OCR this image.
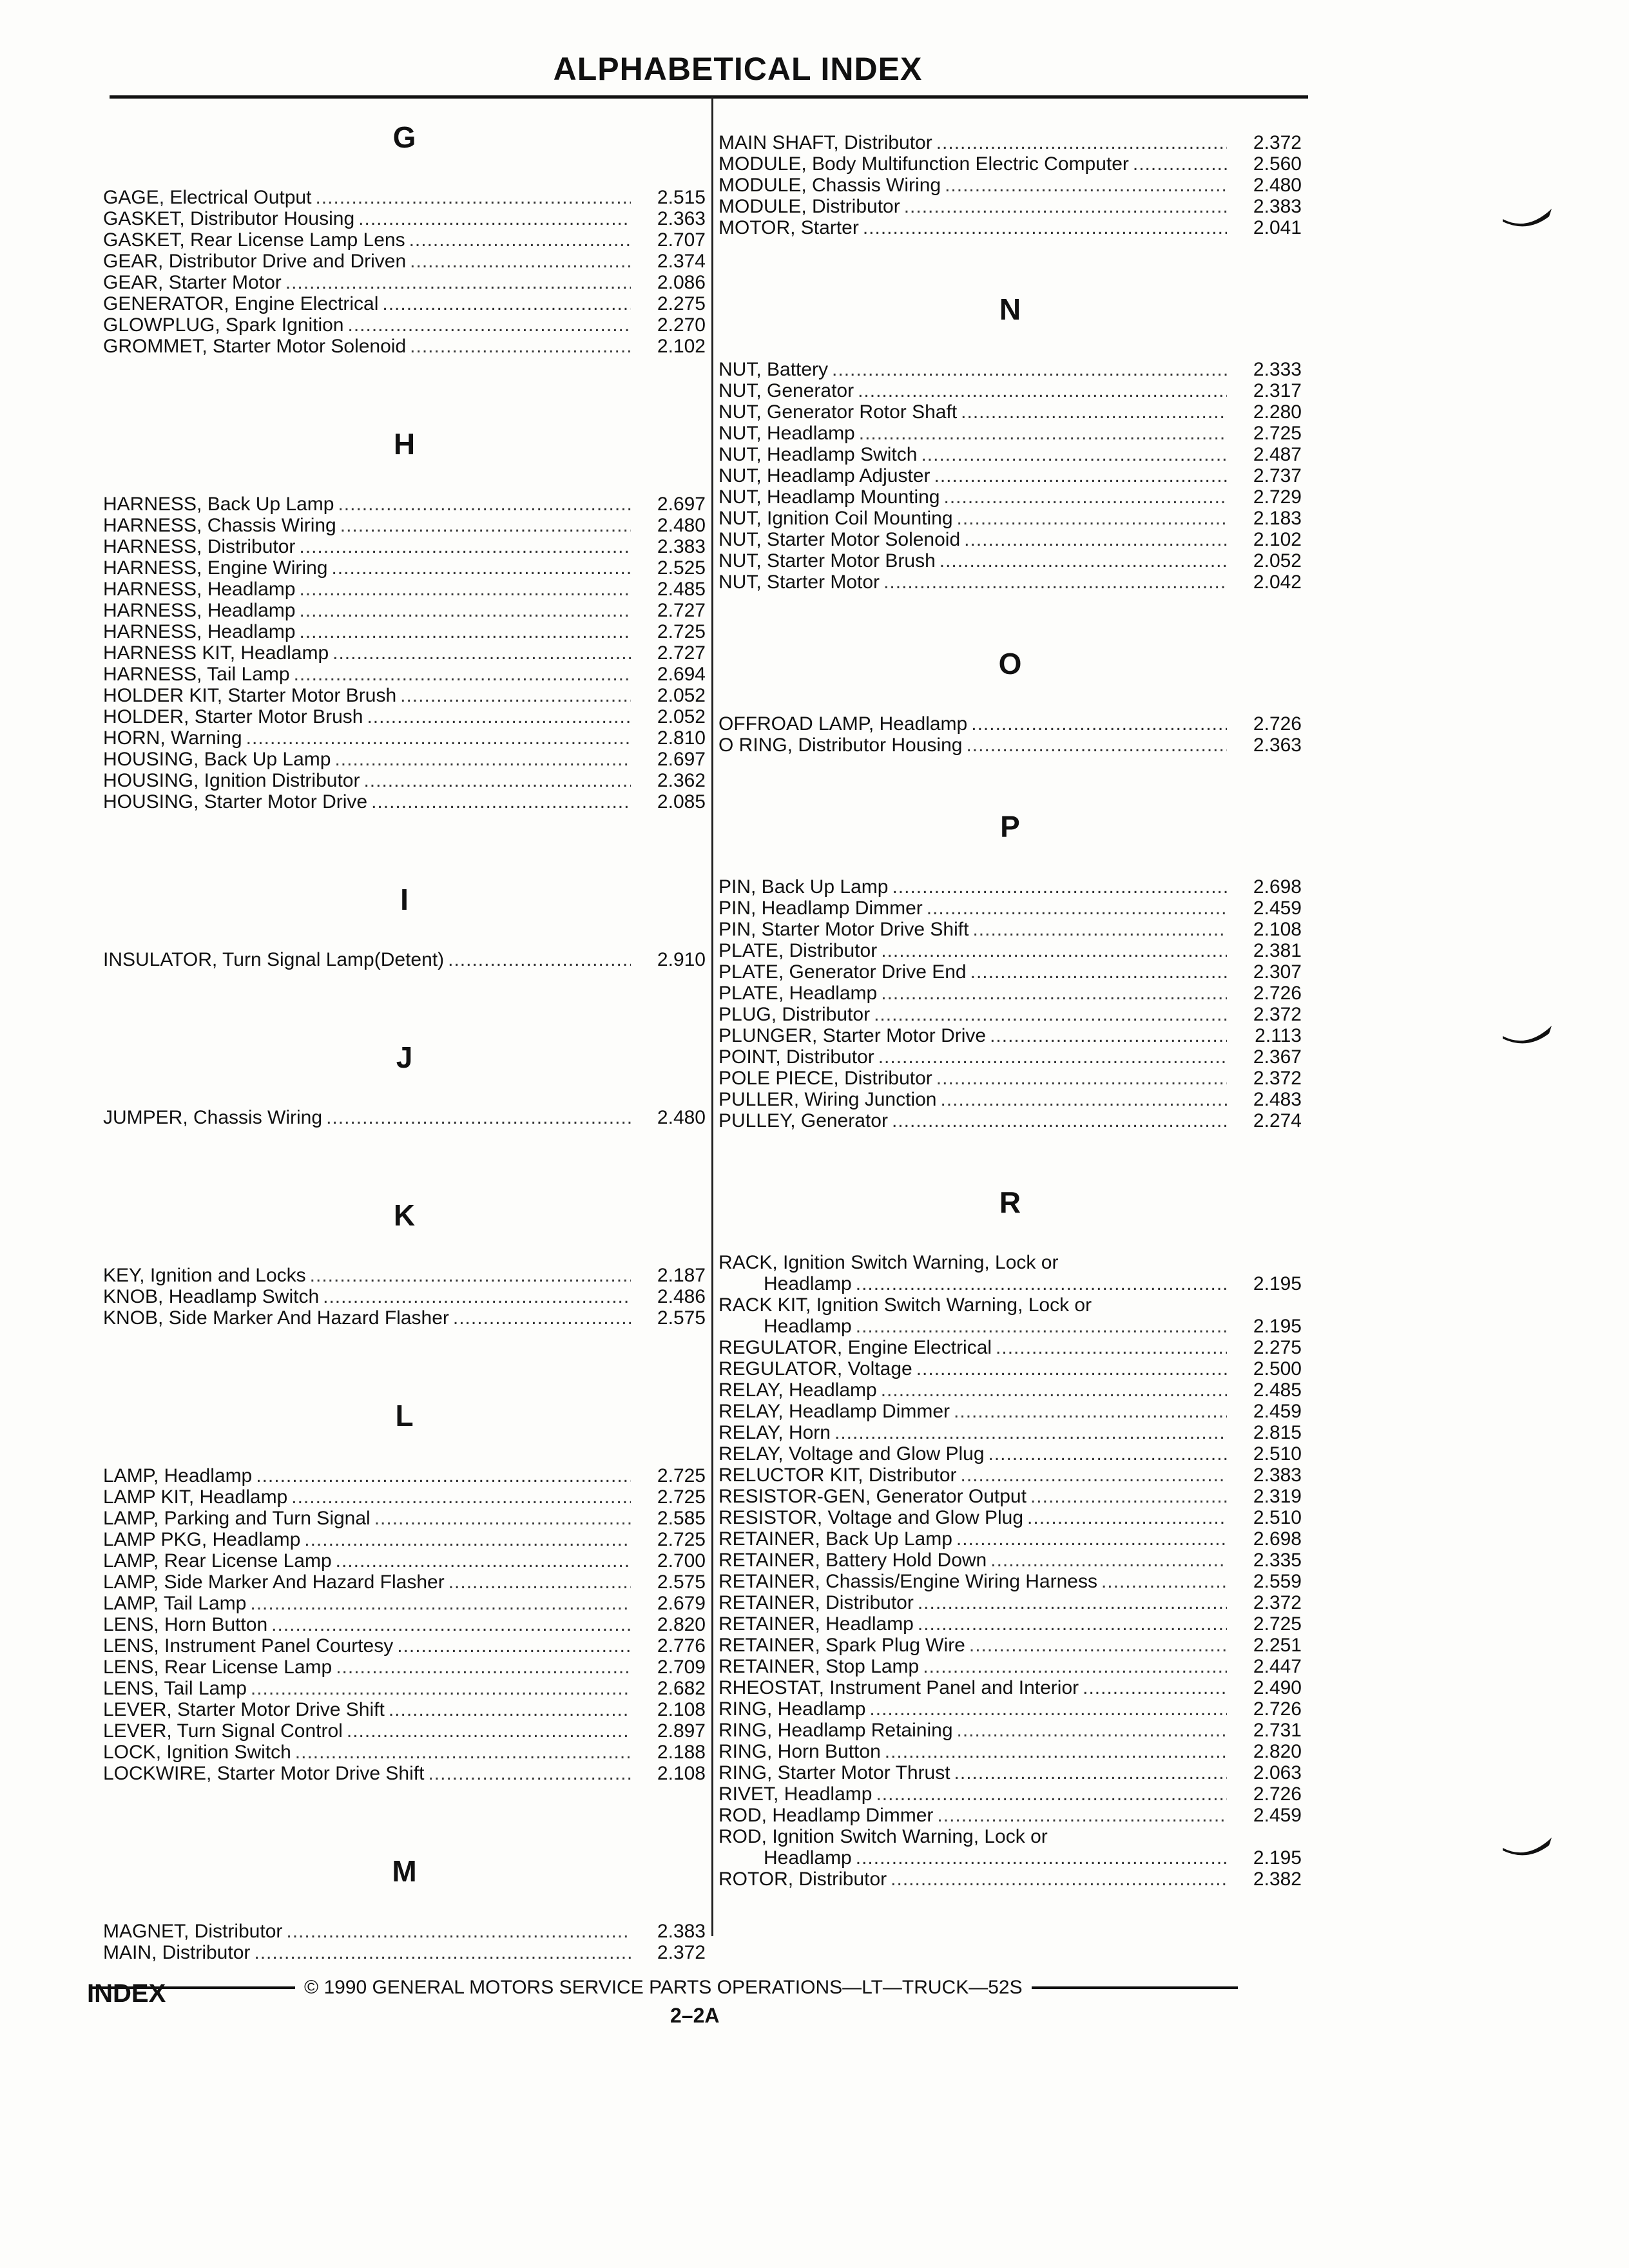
ALPHABETICAL INDEX
G
GAGE, Electrical Output .....	2.515
GASKET, Distributor Housing .....	2.363
GASKET, Rear License Lamp Lens .....	2.707
GEAR, Distributor Drive and Driven .....	2.374
GEAR, Starter Motor .....	2.086
GENERATOR, Engine Electrical .....	2.275
GLOWPLUG, Spark Ignition .....	2.270
GROMMET, Starter Motor Solenoid .....	2.102
H
HARNESS, Back Up Lamp .....	2.697
HARNESS, Chassis Wiring .....	2.480
HARNESS, Distributor .....	2.383
HARNESS, Engine Wiring .....	2.525
HARNESS, Headlamp .....	2.485
HARNESS, Headlamp .....	2.727
HARNESS, Headlamp .....	2.725
HARNESS KIT, Headlamp .....	2.727
HARNESS, Tail Lamp .....	2.694
HOLDER KIT, Starter Motor Brush .....	2.052
HOLDER, Starter Motor Brush .....	2.052
HORN, Warning .....	2.810
HOUSING, Back Up Lamp .....	2.697
HOUSING, Ignition Distributor .....	2.362
HOUSING, Starter Motor Drive .....	2.085
I
INSULATOR, Turn Signal Lamp(Detent) .....	2.910
J
JUMPER, Chassis Wiring .....	2.480
K
KEY, Ignition and Locks .....	2.187
KNOB, Headlamp Switch .....	2.486
KNOB, Side Marker And Hazard Flasher .....	2.575
L
LAMP, Headlamp .....	2.725
LAMP KIT, Headlamp .....	2.725
LAMP, Parking and Turn Signal .....	2.585
LAMP PKG, Headlamp .....	2.725
LAMP, Rear License Lamp .....	2.700
LAMP, Side Marker And Hazard Flasher .....	2.575
LAMP, Tail Lamp .....	2.679
LENS, Horn Button .....	2.820
LENS, Instrument Panel Courtesy .....	2.776
LENS, Rear License Lamp .....	2.709
LENS, Tail Lamp .....	2.682
LEVER, Starter Motor Drive Shift .....	2.108
LEVER, Turn Signal Control .....	2.897
LOCK, Ignition Switch .....	2.188
LOCKWIRE, Starter Motor Drive Shift .....	2.108
M
MAGNET, Distributor .....	2.383
MAIN, Distributor .....	2.372
MAIN SHAFT, Distributor .....	2.372
MODULE, Body Multifunction Electric Computer .....	2.560
MODULE, Chassis Wiring .....	2.480
MODULE, Distributor .....	2.383
MOTOR, Starter .....	2.041
N
NUT, Battery .....	2.333
NUT, Generator .....	2.317
NUT, Generator Rotor Shaft .....	2.280
NUT, Headlamp .....	2.725
NUT, Headlamp Switch .....	2.487
NUT, Headlamp Adjuster .....	2.737
NUT, Headlamp Mounting .....	2.729
NUT, Ignition Coil Mounting .....	2.183
NUT, Starter Motor Solenoid .....	2.102
NUT, Starter Motor Brush .....	2.052
NUT, Starter Motor .....	2.042
O
OFFROAD LAMP, Headlamp .....	2.726
O RING, Distributor Housing .....	2.363
P
PIN, Back Up Lamp .....	2.698
PIN, Headlamp Dimmer .....	2.459
PIN, Starter Motor Drive Shift .....	2.108
PLATE, Distributor .....	2.381
PLATE, Generator Drive End .....	2.307
PLATE, Headlamp .....	2.726
PLUG, Distributor .....	2.372
PLUNGER, Starter Motor Drive .....	2.113
POINT, Distributor .....	2.367
POLE PIECE, Distributor .....	2.372
PULLER, Wiring Junction .....	2.483
PULLEY, Generator .....	2.274
R
RACK, Ignition Switch Warning, Lock or
Headlamp .....	2.195
RACK KIT, Ignition Switch Warning, Lock or
Headlamp .....	2.195
REGULATOR, Engine Electrical .....	2.275
REGULATOR, Voltage .....	2.500
RELAY, Headlamp .....	2.485
RELAY, Headlamp Dimmer .....	2.459
RELAY, Horn .....	2.815
RELAY, Voltage and Glow Plug .....	2.510
RELUCTOR KIT, Distributor .....	2.383
RESISTOR-GEN, Generator Output .....	2.319
RESISTOR, Voltage and Glow Plug .....	2.510
RETAINER, Back Up Lamp .....	2.698
RETAINER, Battery Hold Down .....	2.335
RETAINER, Chassis/Engine Wiring Harness .....	2.559
RETAINER, Distributor .....	2.372
RETAINER, Headlamp .....	2.725
RETAINER, Spark Plug Wire .....	2.251
RETAINER, Stop Lamp .....	2.447
RHEOSTAT, Instrument Panel and Interior .....	2.490
RING, Headlamp .....	2.726
RING, Headlamp Retaining .....	2.731
RING, Horn Button .....	2.820
RING, Starter Motor Thrust .....	2.063
RIVET, Headlamp .....	2.726
ROD, Headlamp Dimmer .....	2.459
ROD, Ignition Switch Warning, Lock or
Headlamp .....	2.195
ROTOR, Distributor .....	2.382
© 1990 GENERAL MOTORS SERVICE PARTS OPERATIONS—LT—TRUCK—52S
INDEX
2–2A
